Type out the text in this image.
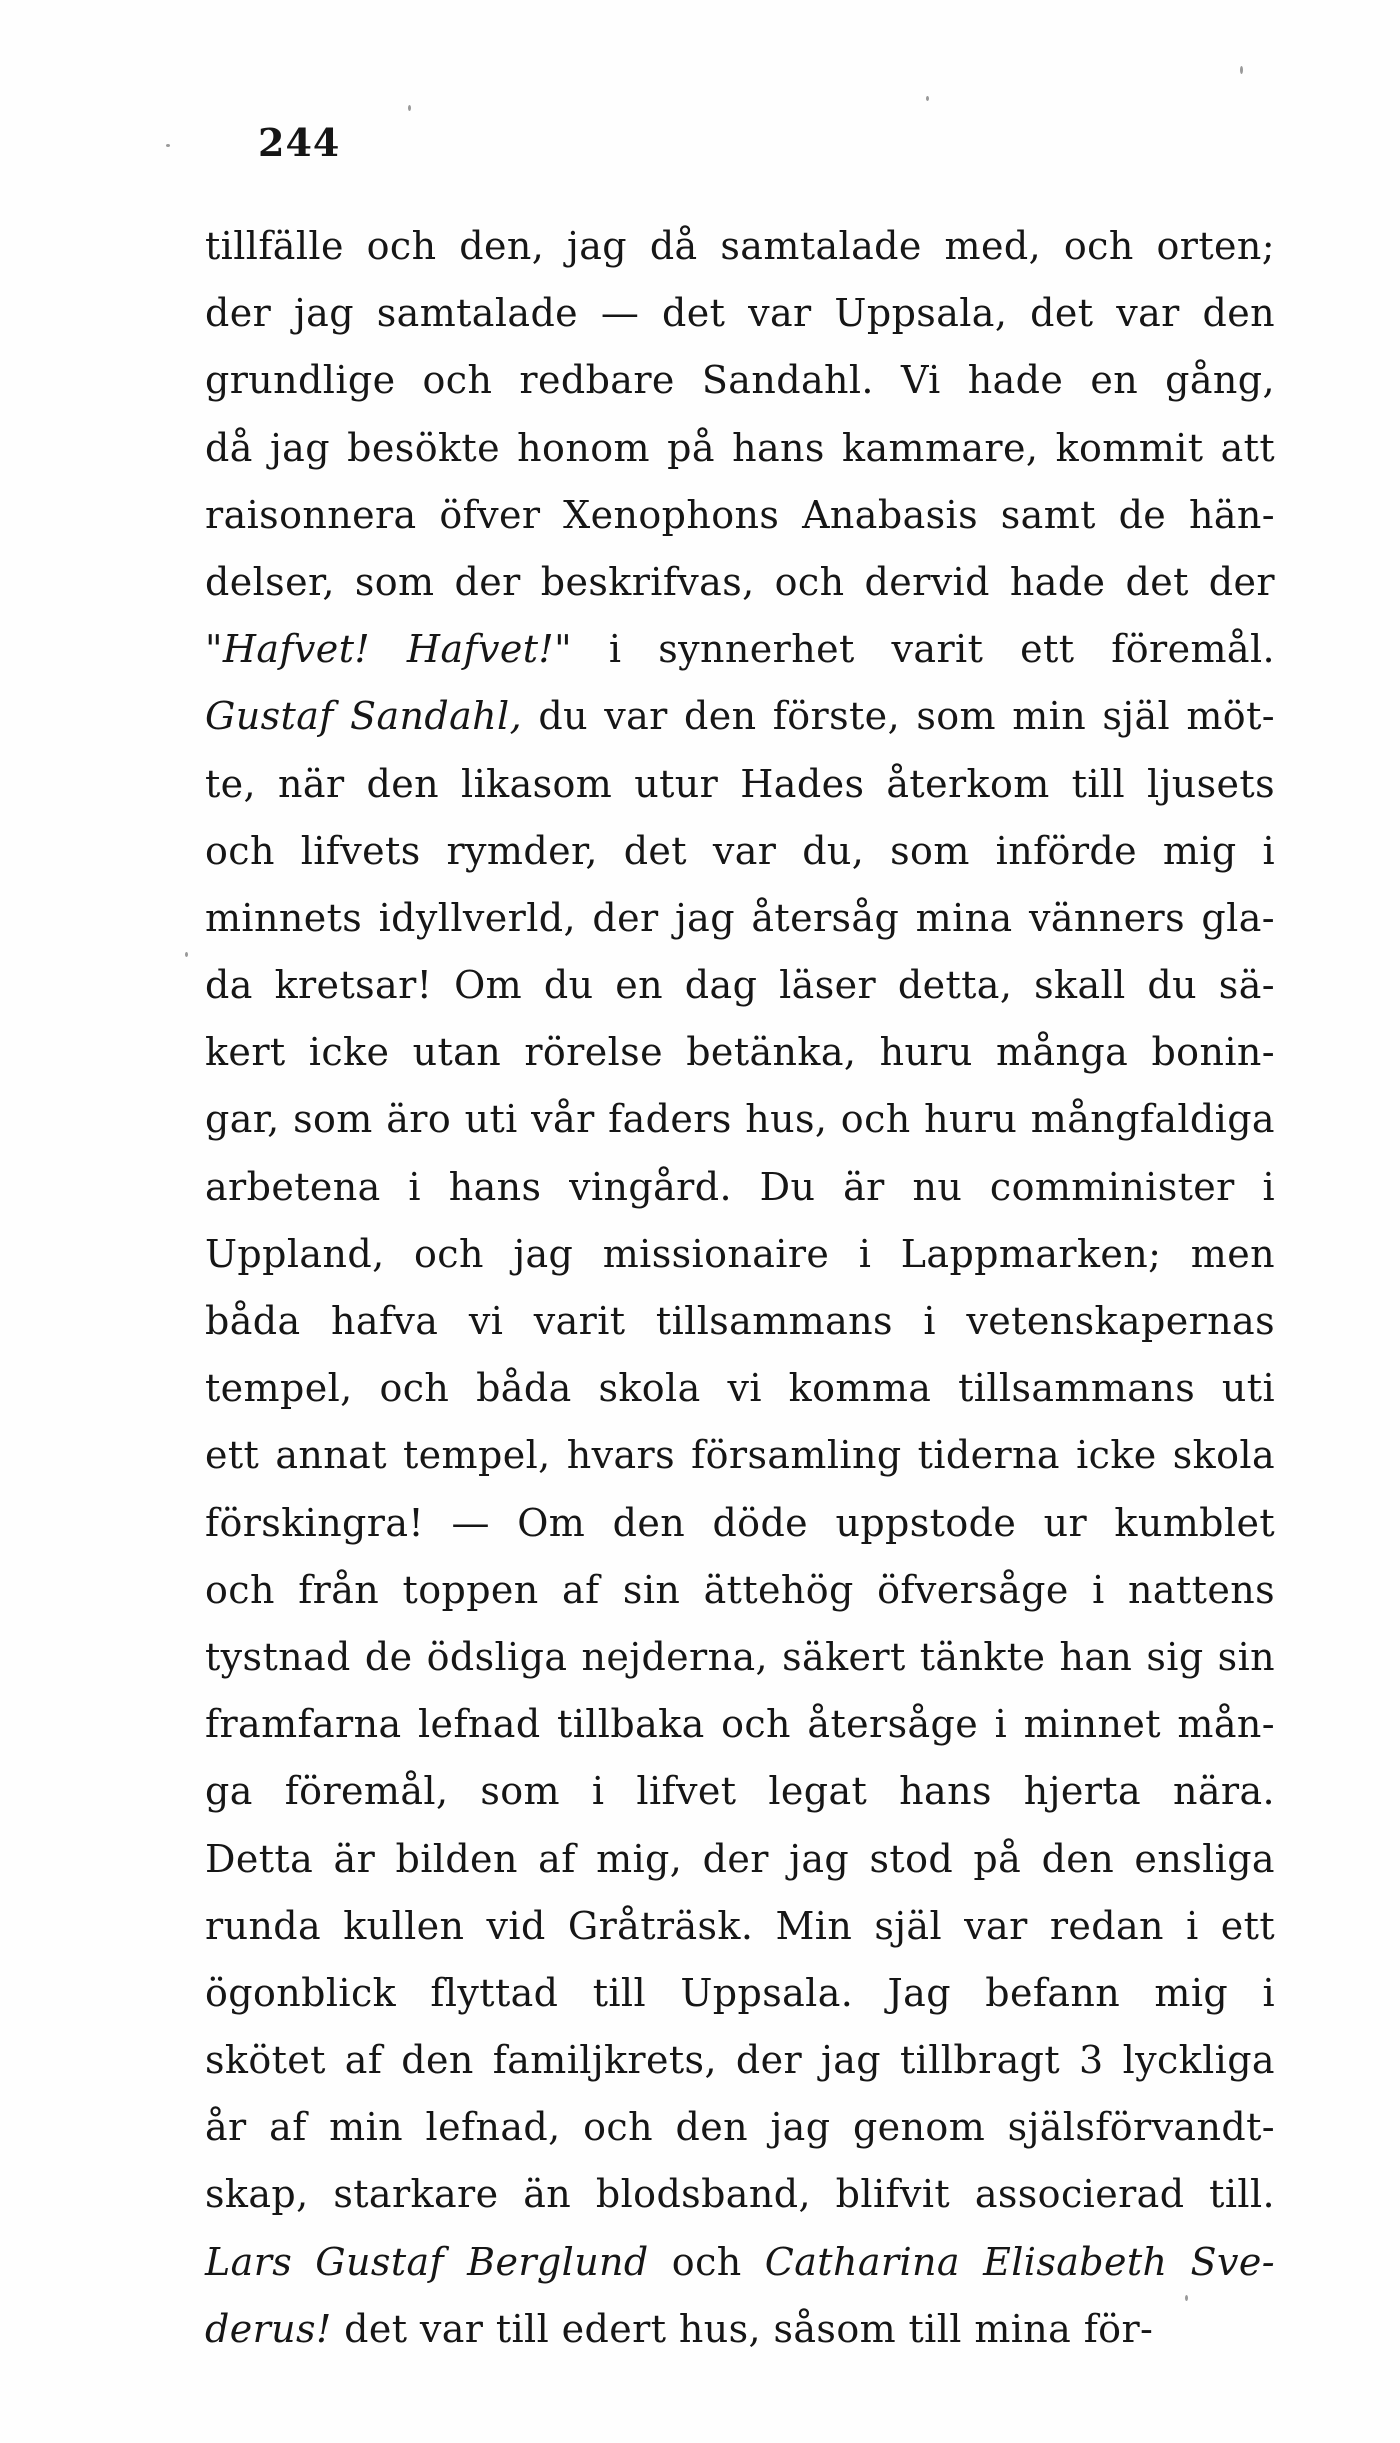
244
tillfälle och den, jag då samtalade med, och orten;
der jag samtalade — det var Uppsala, det var den
grundlige och redbare Sandahl. Vi hade en gång,
då jag besökte honom på hans kammare, kommit att
raisonnera öfver Xenophons Anabasis samt de hän-
delser, som der beskrifvas, och dervid hade det der
"Hafvet! Hafvet!" i synnerhet varit ett föremål.
Gustaf Sandahl, du var den förste, som min själ möt-
te, när den likasom utur Hades återkom till ljusets
och lifvets rymder, det var du, som införde mig i
minnets idyllverld, der jag återsåg mina vänners gla-
da kretsar! Om du en dag läser detta, skall du sä-
kert icke utan rörelse betänka, huru många bonin-
gar, som äro uti vår faders hus, och huru mångfaldiga
arbetena i hans vingård. Du är nu comminister i
Uppland, och jag missionaire i Lappmarken; men
båda hafva vi varit tillsammans i vetenskapernas
tempel, och båda skola vi komma tillsammans uti
ett annat tempel, hvars församling tiderna icke skola
förskingra! — Om den döde uppstode ur kumblet
och från toppen af sin ättehög öfversåge i nattens
tystnad de ödsliga nejderna, säkert tänkte han sig sin
framfarna lefnad tillbaka och återsåge i minnet mån-
ga föremål, som i lifvet legat hans hjerta nära.
Detta är bilden af mig, der jag stod på den ensliga
runda kullen vid Gråträsk. Min själ var redan i ett
ögonblick flyttad till Uppsala. Jag befann mig i
skötet af den familjkrets, der jag tillbragt 3 lyckliga
år af min lefnad, och den jag genom själsförvandt-
skap, starkare än blodsband, blifvit associerad till.
Lars Gustaf Berglund och Catharina Elisabeth Sve-
derus! det var till edert hus, såsom till mina för-
